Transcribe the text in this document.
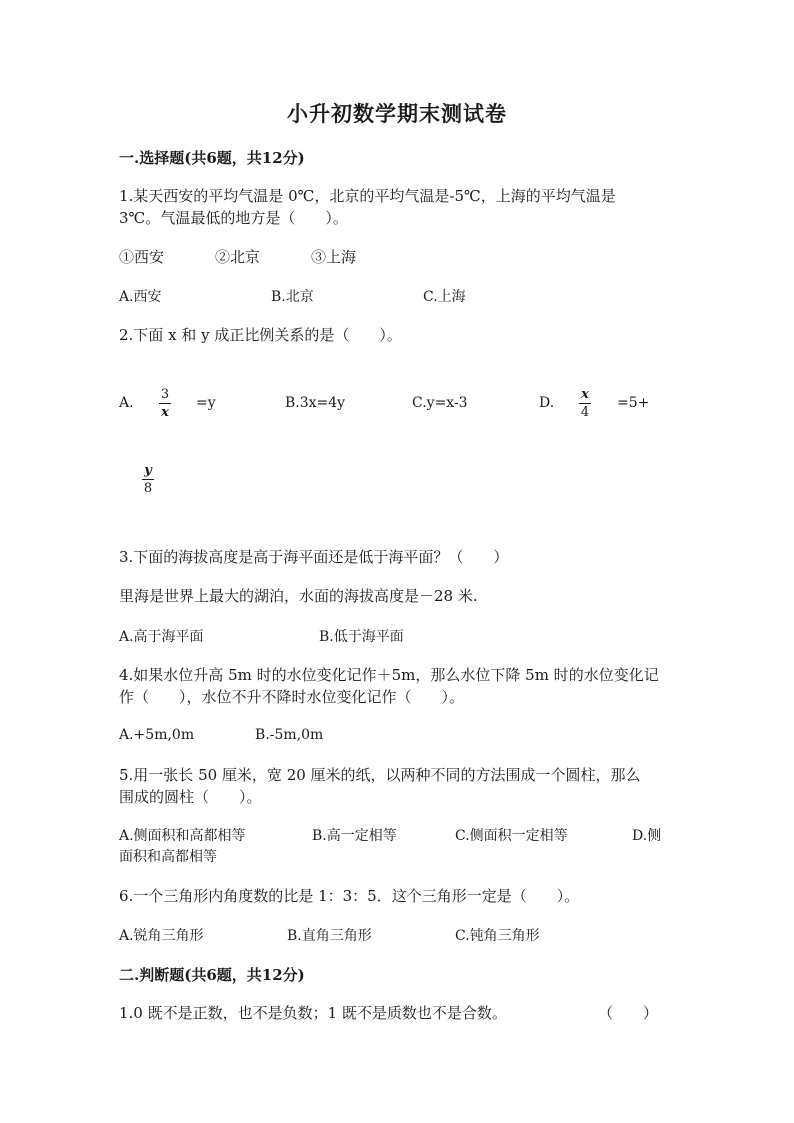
小升初数学期末测试卷
一.选择题(共6题，共12分)
1.某天西安的平均气温是 0℃，北京的平均气温是-5℃，上海的平均气温是
3℃。气温最低的地方是（　　）。
①西安	②北京	③上海
A.西安	B.北京	C.上海
2.下面 x 和 y 成正比例关系的是（　　）。
A.
3
x
=y	B.3x=4y	C.y=x-3	D.
x
4
=5+
y
8
3.下面的海拔高度是高于海平面还是低于海平面？（　　）
里海是世界上最大的湖泊，水面的海拔高度是－28 米.
A.高于海平面	B.低于海平面
4.如果水位升高 5m 时的水位变化记作＋5m，那么水位下降 5m 时的水位变化记
作（　　），水位不升不降时水位变化记作（　　）。
A.+5m,0m	B.-5m,0m
5.用一张长 50 厘米，宽 20 厘米的纸，以两种不同的方法围成一个圆柱，那么
围成的圆柱（　　）。
A.侧面积和高都相等	B.高一定相等	C.侧面积一定相等	D.侧
面积和高都相等
6.一个三角形内角度数的比是 1：3：5．这个三角形一定是（　　）。
A.锐角三角形	B.直角三角形	C.钝角三角形
二.判断题(共6题，共12分)
1.0 既不是正数，也不是负数；1 既不是质数也不是合数。	（　　）
